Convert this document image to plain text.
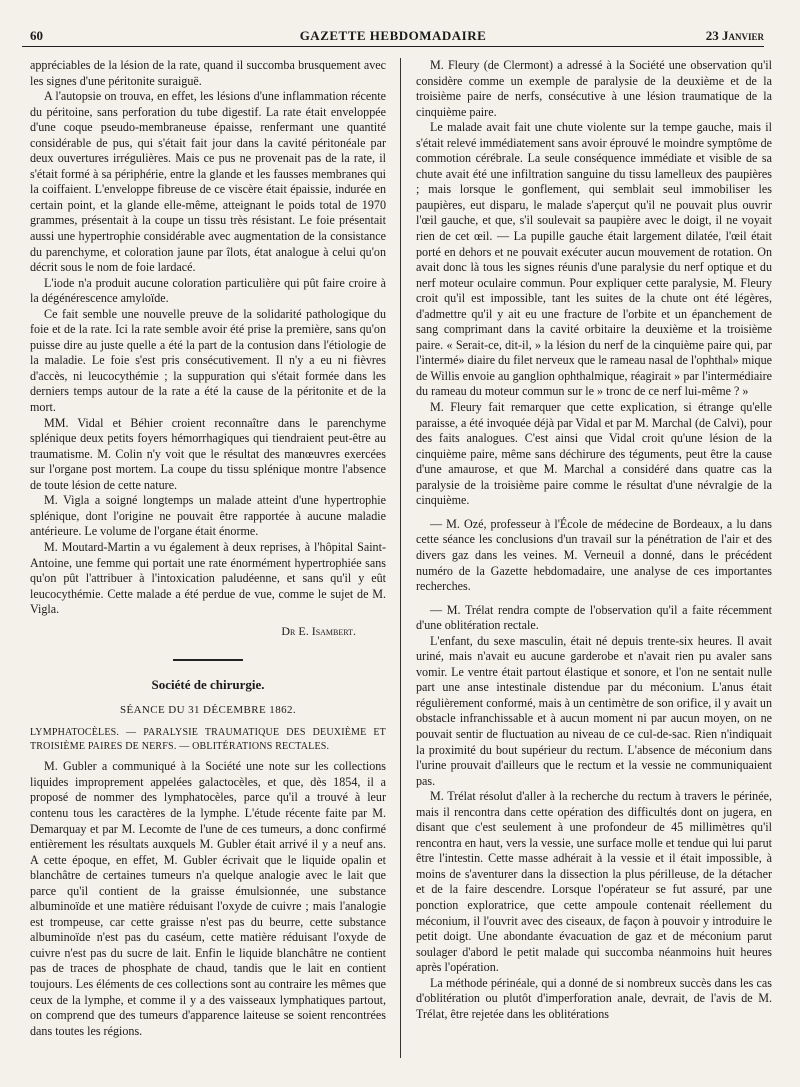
60	GAZETTE HEBDOMADAIRE	23 Janvier

appréciables de la lésion de la rate, quand il succomba brusquement avec les signes d'une péritonite suraiguë.

A l'autopsie on trouva, en effet, les lésions d'une inflammation récente du péritoine, sans perforation du tube digestif. La rate était enveloppée d'une coque pseudo-membraneuse épaisse, renfermant une quantité considérable de pus, qui s'était fait jour dans la cavité péritonéale par deux ouvertures irrégulières. Mais ce pus ne provenait pas de la rate, il s'était formé à sa périphérie, entre la glande et les fausses membranes qui la coiffaient. L'enveloppe fibreuse de ce viscère était épaissie, indurée en certain point, et la glande elle-même, atteignant le poids total de 1970 grammes, présentait à la coupe un tissu très résistant. Le foie présentait aussi une hypertrophie considérable avec augmentation de la consistance du parenchyme, et coloration jaune par îlots, état analogue à celui qu'on décrit sous le nom de foie lardacé.

L'iode n'a produit aucune coloration particulière qui pût faire croire à la dégénérescence amyloïde.

Ce fait semble une nouvelle preuve de la solidarité pathologique du foie et de la rate. Ici la rate semble avoir été prise la première, sans qu'on puisse dire au juste quelle a été la part de la contusion dans l'étiologie de la maladie. Le foie s'est pris consécutivement. Il n'y a eu ni fièvres d'accès, ni leucocythémie ; la suppuration qui s'était formée dans les derniers temps autour de la rate a été la cause de la péritonite et de la mort.

MM. Vidal et Béhier croient reconnaître dans le parenchyme splénique deux petits foyers hémorrhagiques qui tiendraient peut-être au traumatisme. M. Colin n'y voit que le résultat des manœuvres exercées sur l'organe post mortem. La coupe du tissu splénique montre l'absence de toute lésion de cette nature.

M. Vigla a soigné longtemps un malade atteint d'une hypertrophie splénique, dont l'origine ne pouvait être rapportée à aucune maladie antérieure. Le volume de l'organe était énorme.

M. Moutard-Martin a vu également à deux reprises, à l'hôpital Saint-Antoine, une femme qui portait une rate énormément hypertrophiée sans qu'on pût l'attribuer à l'intoxication paludéenne, et sans qu'il y eût leucocythémie. Cette malade a été perdue de vue, comme le sujet de M. Vigla.

Dr E. Isambert.
Société de chirurgie.
SÉANCE DU 31 DÉCEMBRE 1862.

LYMPHATOCÈLES. — PARALYSIE TRAUMATIQUE DES DEUXIÈME ET TROISIÈME PAIRES DE NERFS. — OBLITÉRATIONS RECTALES.

M. Gubler a communiqué à la Société une note sur les collections liquides improprement appelées galactocèles, et que, dès 1854, il a proposé de nommer des lymphatocèles, parce qu'il a trouvé à leur contenu tous les caractères de la lymphe. L'étude récente faite par M. Demarquay et par M. Lecomte de l'une de ces tumeurs, a donc confirmé entièrement les résultats auxquels M. Gubler était arrivé il y a neuf ans. A cette époque, en effet, M. Gubler écrivait que le liquide opalin et blanchâtre de certaines tumeurs n'a quelque analogie avec le lait que parce qu'il contient de la graisse émulsionnée, une substance albuminoïde et une matière réduisant l'oxyde de cuivre ; mais l'analogie est trompeuse, car cette graisse n'est pas du beurre, cette substance albuminoïde n'est pas du caséum, cette matière réduisant l'oxyde de cuivre n'est pas du sucre de lait. Enfin le liquide blanchâtre ne contient pas de traces de phosphate de chaud, tandis que le lait en contient toujours. Les éléments de ces collections sont au contraire les mêmes que ceux de la lymphe, et comme il y a des vaisseaux lymphatiques partout, on comprend que des tumeurs d'apparence laiteuse se soient rencontrées dans toutes les régions.

M. Fleury (de Clermont) a adressé à la Société une observation qu'il considère comme un exemple de paralysie de la deuxième et de la troisième paire de nerfs, consécutive à une lésion traumatique de la cinquième paire.

Le malade avait fait une chute violente sur la tempe gauche, mais il s'était relevé immédiatement sans avoir éprouvé le moindre symptôme de commotion cérébrale. La seule conséquence immédiate et visible de sa chute avait été une infiltration sanguine du tissu lamelleux des paupières ; mais lorsque le gonflement, qui semblait seul immobiliser les paupières, eut disparu, le malade s'aperçut qu'il ne pouvait plus ouvrir l'œil gauche, et que, s'il soulevait sa paupière avec le doigt, il ne voyait rien de cet œil. — La pupille gauche était largement dilatée, l'œil était porté en dehors et ne pouvait exécuter aucun mouvement de rotation. On avait donc là tous les signes réunis d'une paralysie du nerf optique et du nerf moteur oculaire commun. Pour expliquer cette paralysie, M. Fleury croit qu'il est impossible, tant les suites de la chute ont été légères, d'admettre qu'il y ait eu une fracture de l'orbite et un épanchement de sang comprimant dans la cavité orbitaire la deuxième et la troisième paire. « Serait-ce, dit-il, » la lésion du nerf de la cinquième paire qui, par l'intermé» diaire du filet nerveux que le rameau nasal de l'ophthal» mique de Willis envoie au ganglion ophthalmique, réagirait » par l'intermédiaire du rameau du moteur commun sur le » tronc de ce nerf lui-même ? »

M. Fleury fait remarquer que cette explication, si étrange qu'elle paraisse, a été invoquée déjà par Vidal et par M. Marchal (de Calvi), pour des faits analogues. C'est ainsi que Vidal croit qu'une lésion de la cinquième paire, même sans déchirure des téguments, peut être la cause d'une amaurose, et que M. Marchal a considéré dans quatre cas la paralysie de la troisième paire comme le résultat d'une névralgie de la cinquième.

— M. Ozé, professeur à l'École de médecine de Bordeaux, a lu dans cette séance les conclusions d'un travail sur la pénétration de l'air et des divers gaz dans les veines. M. Verneuil a donné, dans le précédent numéro de la Gazette hebdomadaire, une analyse de ces importantes recherches.

— M. Trélat rendra compte de l'observation qu'il a faite récemment d'une oblitération rectale.

L'enfant, du sexe masculin, était né depuis trente-six heures. Il avait uriné, mais n'avait eu aucune garderobe et n'avait rien pu avaler sans vomir. Le ventre était partout élastique et sonore, et l'on ne sentait nulle part une anse intestinale distendue par du méconium. L'anus était régulièrement conformé, mais à un centimètre de son orifice, il y avait un obstacle infranchissable et à aucun moment ni par aucun moyen, on ne pouvait sentir de fluctuation au niveau de ce cul-de-sac. Rien n'indiquait la proximité du bout supérieur du rectum. L'absence de méconium dans l'urine prouvait d'ailleurs que le rectum et la vessie ne communiquaient pas.

M. Trélat résolut d'aller à la recherche du rectum à travers le périnée, mais il rencontra dans cette opération des difficultés dont on jugera, en disant que c'est seulement à une profondeur de 45 millimètres qu'il rencontra en haut, vers la vessie, une surface molle et tendue qui lui parut être l'intestin. Cette masse adhérait à la vessie et il était impossible, à moins de s'aventurer dans la dissection la plus périlleuse, de la détacher et de la faire descendre. Lorsque l'opérateur se fut assuré, par une ponction exploratrice, que cette ampoule contenait réellement du méconium, il l'ouvrit avec des ciseaux, de façon à pouvoir y introduire le petit doigt. Une abondante évacuation de gaz et de méconium parut soulager d'abord le petit malade qui succomba néanmoins huit heures après l'opération.

La méthode périnéale, qui a donné de si nombreux succès dans les cas d'oblitération ou plutôt d'imperforation anale, devrait, de l'avis de M. Trélat, être rejetée dans les oblitérations
